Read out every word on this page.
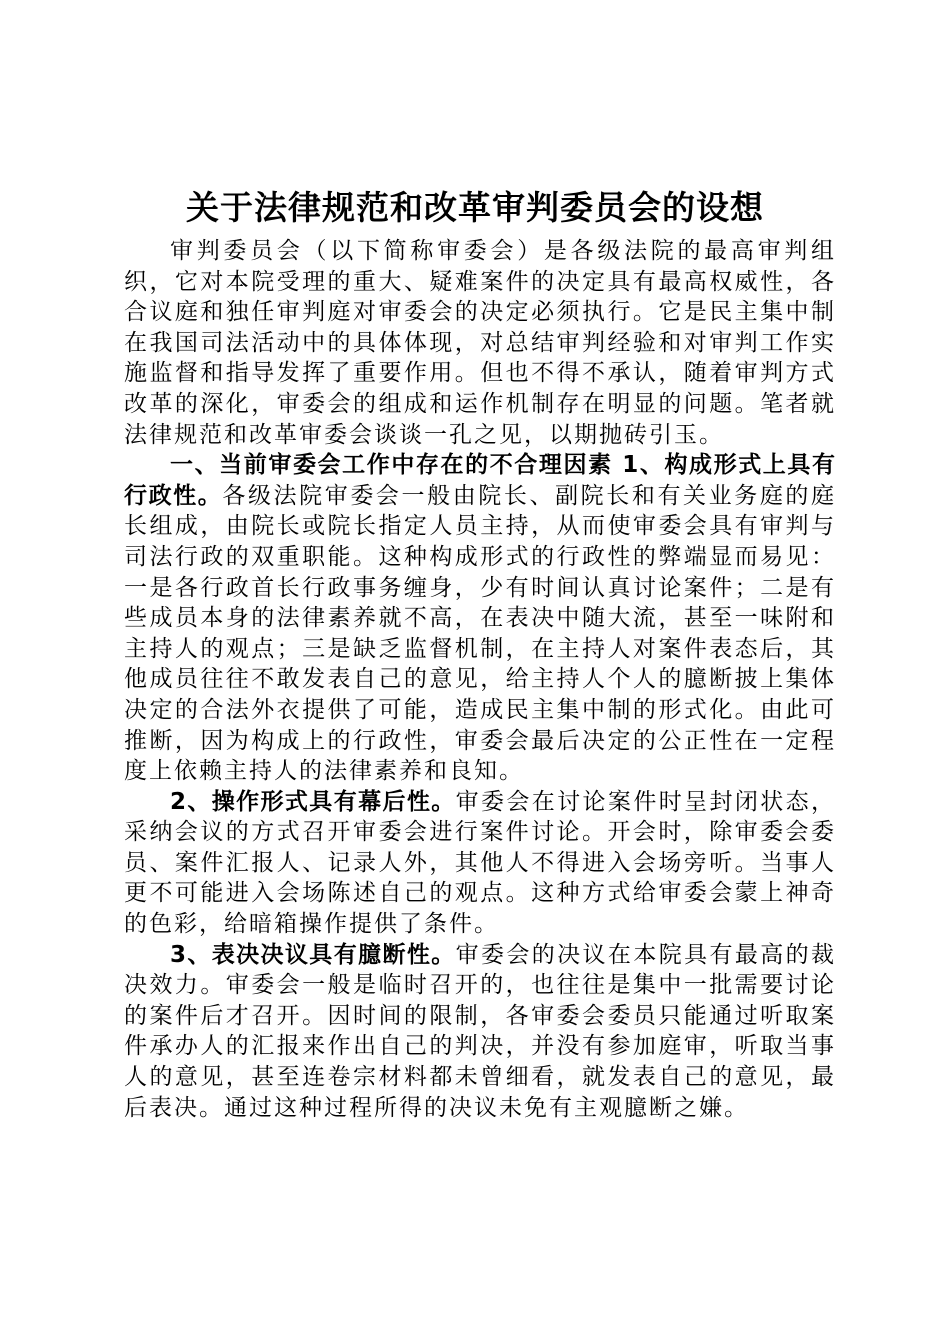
关于法律规范和改革审判委员会的设想

审判委员会（以下简称审委会）是各级法院的最高审判组织，它对本院受理的重大、疑难案件的决定具有最高权威性，各合议庭和独任审判庭对审委会的决定必须执行。它是民主集中制在我国司法活动中的具体体现，对总结审判经验和对审判工作实施监督和指导发挥了重要作用。但也不得不承认，随着审判方式改革的深化，审委会的组成和运作机制存在明显的问题。笔者就法律规范和改革审委会谈谈一孔之见，以期抛砖引玉。

一、当前审委会工作中存在的不合理因素 1、构成形式上具有行政性。各级法院审委会一般由院长、副院长和有关业务庭的庭长组成，由院长或院长指定人员主持，从而使审委会具有审判与司法行政的双重职能。这种构成形式的行政性的弊端显而易见：一是各行政首长行政事务缠身，少有时间认真讨论案件；二是有些成员本身的法律素养就不高，在表决中随大流，甚至一味附和主持人的观点；三是缺乏监督机制，在主持人对案件表态后，其他成员往往不敢发表自己的意见，给主持人个人的臆断披上集体决定的合法外衣提供了可能，造成民主集中制的形式化。由此可推断，因为构成上的行政性，审委会最后决定的公正性在一定程度上依赖主持人的法律素养和良知。

2、操作形式具有幕后性。审委会在讨论案件时呈封闭状态，采纳会议的方式召开审委会进行案件讨论。开会时，除审委会委员、案件汇报人、记录人外，其他人不得进入会场旁听。当事人更不可能进入会场陈述自己的观点。这种方式给审委会蒙上神奇的色彩，给暗箱操作提供了条件。

3、表决决议具有臆断性。审委会的决议在本院具有最高的裁决效力。审委会一般是临时召开的，也往往是集中一批需要讨论的案件后才召开。因时间的限制，各审委会委员只能通过听取案件承办人的汇报来作出自己的判决，并没有参加庭审，听取当事人的意见，甚至连卷宗材料都未曾细看，就发表自己的意见，最后表决。通过这种过程所得的决议未免有主观臆断之嫌。
